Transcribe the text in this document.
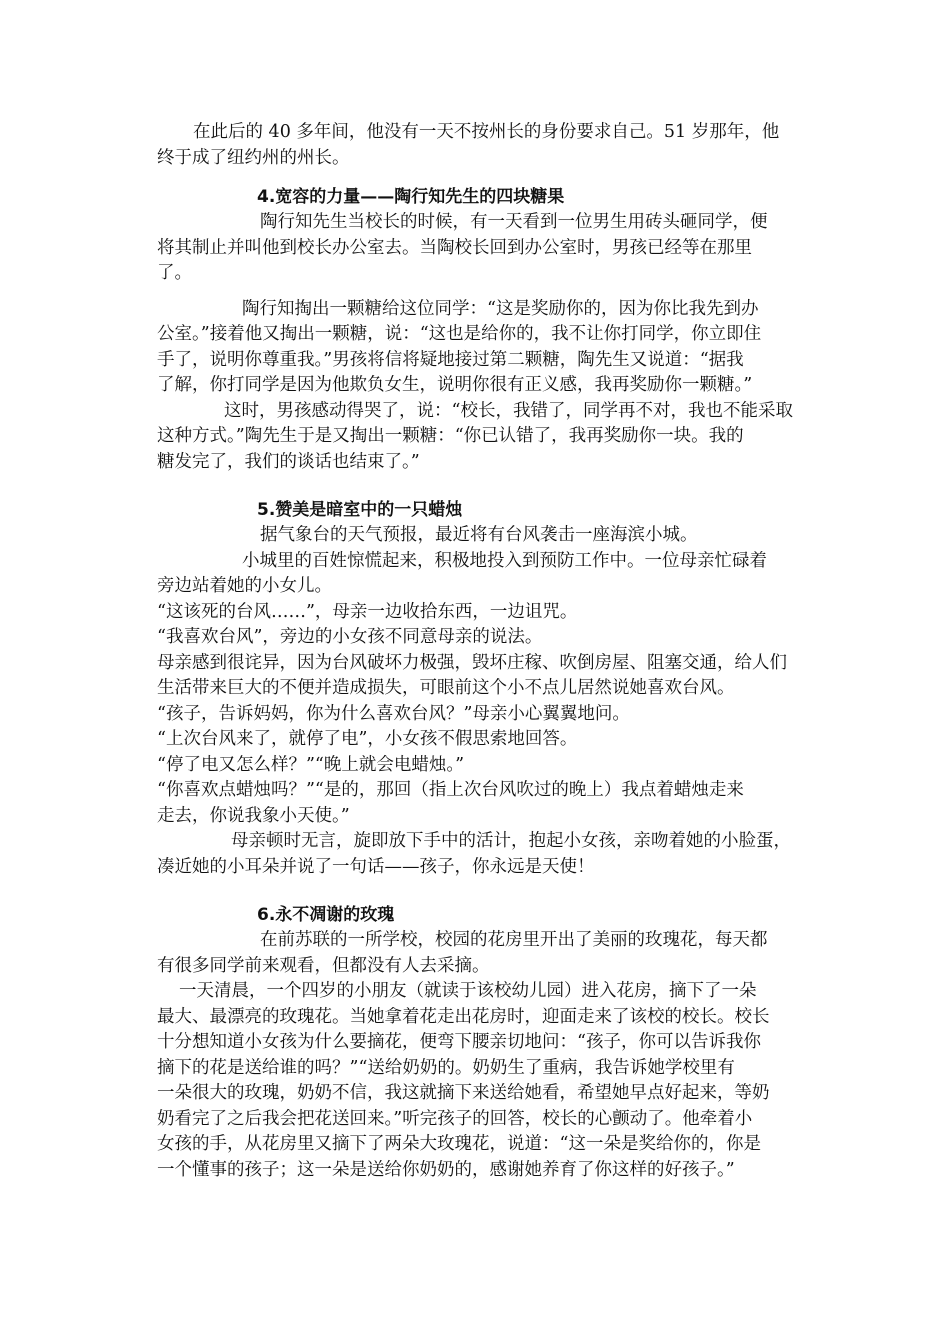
在此后的 40 多年间，他没有一天不按州长的身份要求自己。51 岁那年，他

终于成了纽约州的州长。

4.宽容的力量——陶行知先生的四块糖果

陶行知先生当校长的时候，有一天看到一位男生用砖头砸同学，便

将其制止并叫他到校长办公室去。当陶校长回到办公室时，男孩已经等在那里

了。

陶行知掏出一颗糖给这位同学：“这是奖励你的，因为你比我先到办

公室。”接着他又掏出一颗糖，说：“这也是给你的，我不让你打同学，你立即住

手了，说明你尊重我。”男孩将信将疑地接过第二颗糖，陶先生又说道：“据我

了解，你打同学是因为他欺负女生，说明你很有正义感，我再奖励你一颗糖。”

这时，男孩感动得哭了，说：“校长，我错了，同学再不对，我也不能采取

这种方式。”陶先生于是又掏出一颗糖：“你已认错了，我再奖励你一块。我的

糖发完了，我们的谈话也结束了。”

5.赞美是暗室中的一只蜡烛

据气象台的天气预报，最近将有台风袭击一座海滨小城。

小城里的百姓惊慌起来，积极地投入到预防工作中。一位母亲忙碌着

旁边站着她的小女儿。

“这该死的台风……”，母亲一边收拾东西，一边诅咒。

“我喜欢台风”，旁边的小女孩不同意母亲的说法。

母亲感到很诧异，因为台风破坏力极强，毁坏庄稼、吹倒房屋、阻塞交通，给人们

生活带来巨大的不便并造成损失，可眼前这个小不点儿居然说她喜欢台风。

“孩子，告诉妈妈，你为什么喜欢台风？”母亲小心翼翼地问。

“上次台风来了，就停了电”，小女孩不假思索地回答。

“停了电又怎么样？”“晚上就会电蜡烛。”

“你喜欢点蜡烛吗？”“是的，那回（指上次台风吹过的晚上）我点着蜡烛走来

走去，你说我象小天使。”

母亲顿时无言，旋即放下手中的活计，抱起小女孩，亲吻着她的小脸蛋，

凑近她的小耳朵并说了一句话——孩子，你永远是天使！

6.永不凋谢的玫瑰

在前苏联的一所学校，校园的花房里开出了美丽的玫瑰花，每天都

有很多同学前来观看，但都没有人去采摘。

一天清晨，一个四岁的小朋友（就读于该校幼儿园）进入花房，摘下了一朵

最大、最漂亮的玫瑰花。当她拿着花走出花房时，迎面走来了该校的校长。校长

十分想知道小女孩为什么要摘花，便弯下腰亲切地问：“孩子，你可以告诉我你

摘下的花是送给谁的吗？”“送给奶奶的。奶奶生了重病，我告诉她学校里有

一朵很大的玫瑰，奶奶不信，我这就摘下来送给她看，希望她早点好起来，等奶

奶看完了之后我会把花送回来。”听完孩子的回答，校长的心颤动了。他牵着小

女孩的手，从花房里又摘下了两朵大玫瑰花，说道：“这一朵是奖给你的，你是

一个懂事的孩子；这一朵是送给你奶奶的，感谢她养育了你这样的好孩子。”
